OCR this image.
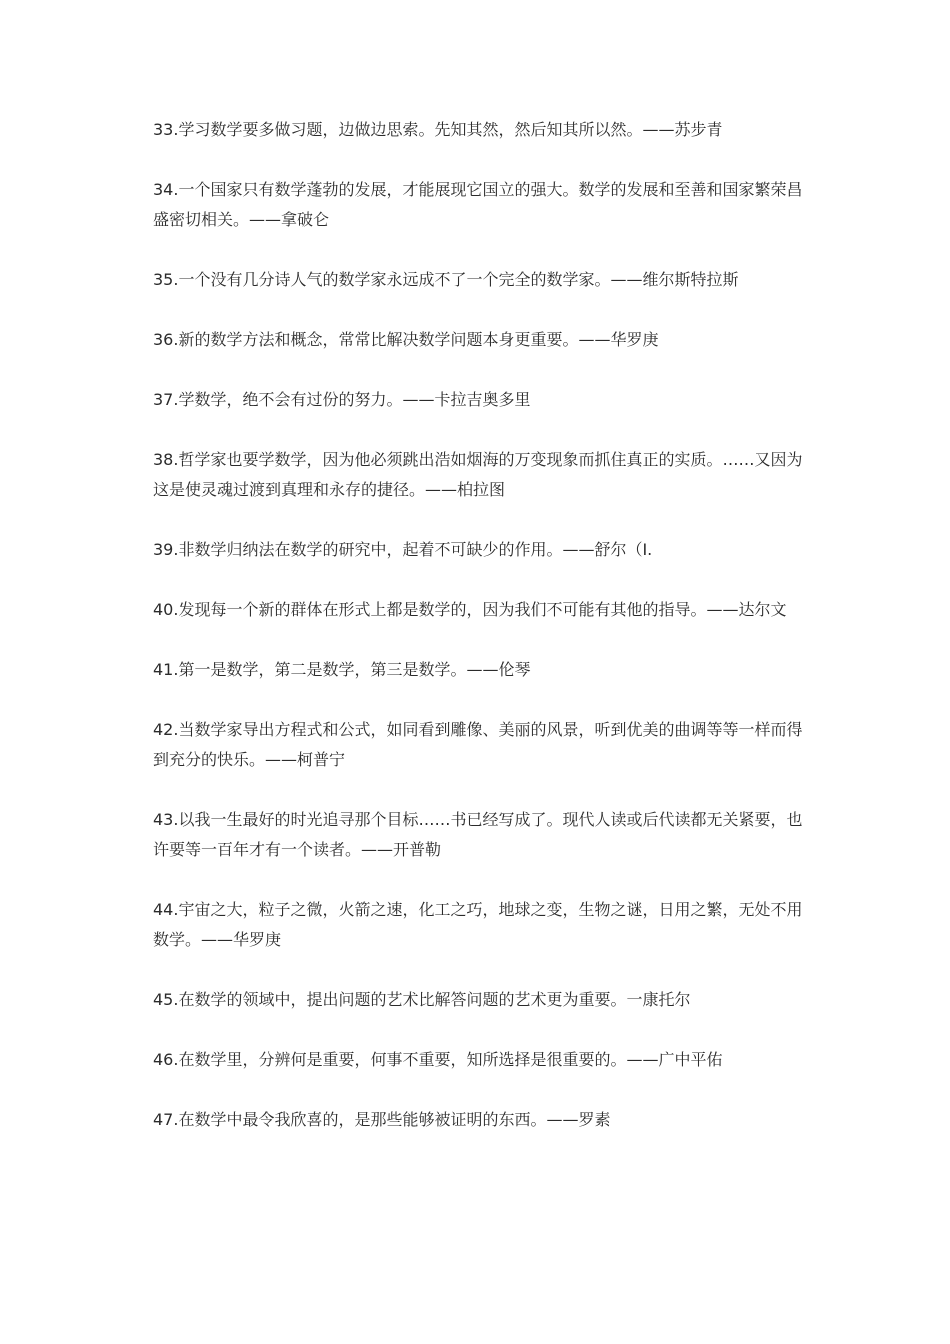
33.学习数学要多做习题，边做边思索。先知其然，然后知其所以然。——苏步青

34.一个国家只有数学蓬勃的发展，才能展现它国立的强大。数学的发展和至善和国家繁荣昌盛密切相关。——拿破仑

35.一个没有几分诗人气的数学家永远成不了一个完全的数学家。——维尔斯特拉斯

36.新的数学方法和概念，常常比解决数学问题本身更重要。——华罗庚

37.学数学，绝不会有过份的努力。——卡拉吉奥多里

38.哲学家也要学数学，因为他必须跳出浩如烟海的万变现象而抓住真正的实质。……又因为这是使灵魂过渡到真理和永存的捷径。——柏拉图

39.非数学归纳法在数学的研究中，起着不可缺少的作用。——舒尔（I.

40.发现每一个新的群体在形式上都是数学的，因为我们不可能有其他的指导。——达尔文

41.第一是数学，第二是数学，第三是数学。——伦琴

42.当数学家导出方程式和公式，如同看到雕像、美丽的风景，听到优美的曲调等等一样而得到充分的快乐。——柯普宁

43.以我一生最好的时光追寻那个目标……书已经写成了。现代人读或后代读都无关紧要，也许要等一百年才有一个读者。——开普勒

44.宇宙之大，粒子之微，火箭之速，化工之巧，地球之变，生物之谜，日用之繁，无处不用数学。——华罗庚

45.在数学的领域中，提出问题的艺术比解答问题的艺术更为重要。一康托尔

46.在数学里，分辨何是重要，何事不重要，知所选择是很重要的。——广中平佑

47.在数学中最令我欣喜的，是那些能够被证明的东西。——罗素
